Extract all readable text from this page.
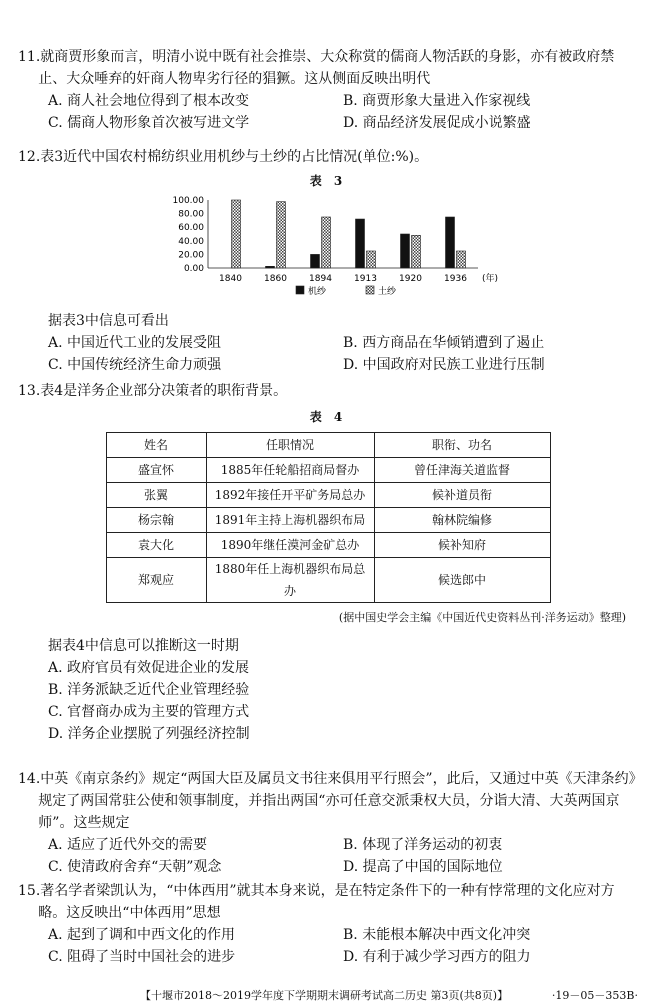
11.就商贾形象而言，明清小说中既有社会推崇、大众称赏的儒商人物活跃的身影，亦有被政府禁止、大众唾弃的奸商人物卑劣行径的猖獗。这从侧面反映出明代
A. 商人社会地位得到了根本改变	B. 商贾形象大量进入作家视线
C. 儒商人物形象首次被写进文学	D. 商品经济发展促成小说繁盛
12.表3近代中国农村棉纺织业用机纱与土纱的占比情况(单位:%)。
表 3
100.00
80.00
60.00
40.00
20.00
0.00
1840 1860 1894 1913 1920 1936 (年)
机纱	土纱
据表3中信息可看出
A. 中国近代工业的发展受阻	B. 西方商品在华倾销遭到了遏止
C. 中国传统经济生命力顽强	D. 中国政府对民族工业进行压制
13.表4是洋务企业部分决策者的职衔背景。
表 4
姓名	任职情况	职衔、功名
盛宣怀	1885年任轮船招商局督办	曾任津海关道监督
张翼	1892年接任开平矿务局总办	候补道员衔
杨宗翰	1891年主持上海机器织布局	翰林院编修
袁大化	1890年继任漠河金矿总办	候补知府
郑观应	1880年任上海机器织布局总办	候选郎中
(据中国史学会主编《中国近代史资料丛刊·洋务运动》整理)
据表4中信息可以推断这一时期
A. 政府官员有效促进企业的发展
B. 洋务派缺乏近代企业管理经验
C. 官督商办成为主要的管理方式
D. 洋务企业摆脱了列强经济控制
14.中英《南京条约》规定“两国大臣及属员文书往来俱用平行照会”，此后，又通过中英《天津条约》规定了两国常驻公使和领事制度，并指出两国“亦可任意交派秉权大员，分诣大清、大英两国京师”。这些规定
A. 适应了近代外交的需要	B. 体现了洋务运动的初衷
C. 使清政府舍弃“天朝”观念	D. 提高了中国的国际地位
15.著名学者梁凯认为，“中体西用”就其本身来说，是在特定条件下的一种有悖常理的文化应对方略。这反映出“中体西用”思想
A. 起到了调和中西文化的作用	B. 未能根本解决中西文化冲突
C. 阻碍了当时中国社会的进步	D. 有利于减少学习西方的阻力
【十堰市2018～2019学年度下学期期末调研考试高二历史 第3页(共8页)】	·19－05－353B·
